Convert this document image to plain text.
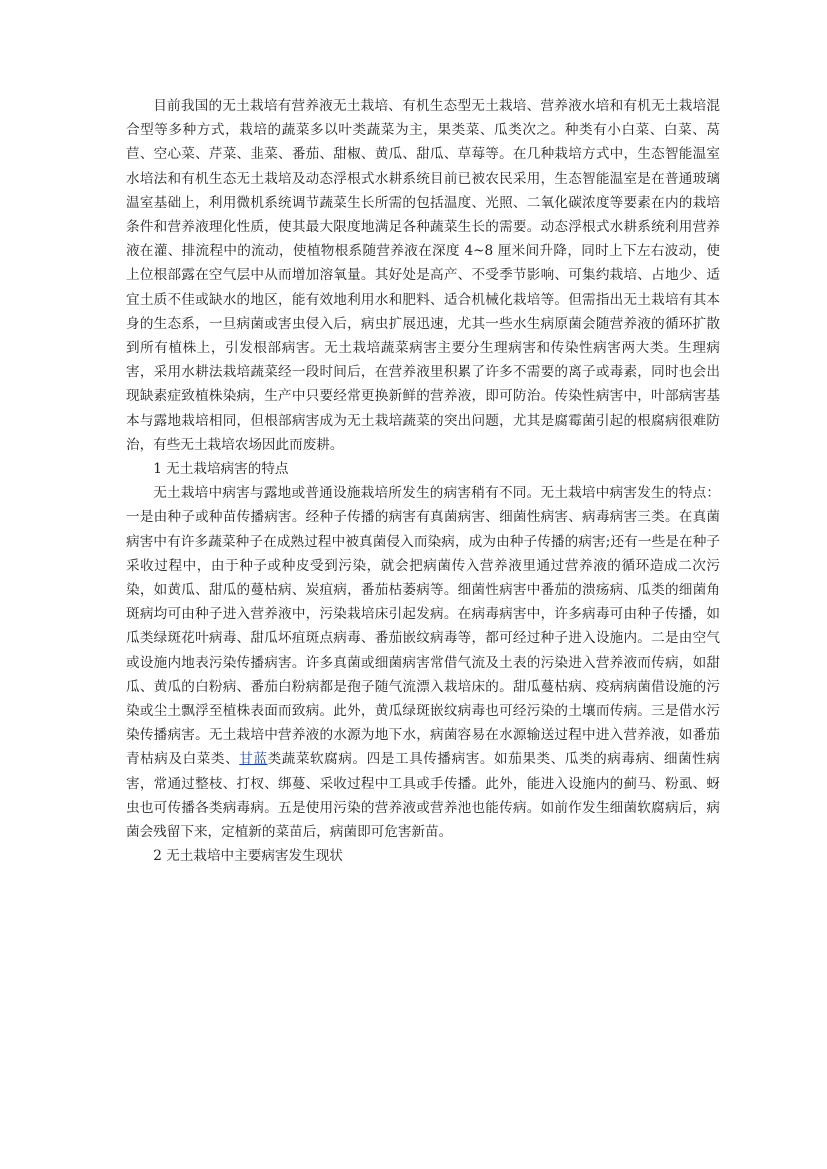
目前我国的无土栽培有营养液无土栽培、有机生态型无土栽培、营养液水培和有机无土栽培混合型等多种方式，栽培的蔬菜多以叶类蔬菜为主，果类菜、瓜类次之。种类有小白菜、白菜、莴苣、空心菜、芹菜、韭菜、番茄、甜椒、黄瓜、甜瓜、草莓等。在几种栽培方式中，生态智能温室水培法和有机生态无土栽培及动态浮根式水耕系统目前已被农民采用，生态智能温室是在普通玻璃温室基础上，利用微机系统调节蔬菜生长所需的包括温度、光照、二氧化碳浓度等要素在内的栽培条件和营养液理化性质，使其最大限度地满足各种蔬菜生长的需要。动态浮根式水耕系统利用营养液在灌、排流程中的流动，使植物根系随营养液在深度 4~8 厘米间升降，同时上下左右波动，使上位根部露在空气层中从而增加溶氧量。其好处是高产、不受季节影响、可集约栽培、占地少、适宜土质不佳或缺水的地区，能有效地利用水和肥料、适合机械化栽培等。但需指出无土栽培有其本身的生态系，一旦病菌或害虫侵入后，病虫扩展迅速，尤其一些水生病原菌会随营养液的循环扩散到所有植株上，引发根部病害。无土栽培蔬菜病害主要分生理病害和传染性病害两大类。生理病害，采用水耕法栽培蔬菜经一段时间后，在营养液里积累了许多不需要的离子或毒素，同时也会出现缺素症致植株染病，生产中只要经常更换新鲜的营养液，即可防治。传染性病害中，叶部病害基本与露地栽培相同，但根部病害成为无土栽培蔬菜的突出问题，尤其是腐霉菌引起的根腐病很难防治，有些无土栽培农场因此而废耕。

1 无土栽培病害的特点

无土栽培中病害与露地或普通设施栽培所发生的病害稍有不同。无土栽培中病害发生的特点：一是由种子或种苗传播病害。经种子传播的病害有真菌病害、细菌性病害、病毒病害三类。在真菌病害中有许多蔬菜种子在成熟过程中被真菌侵入而染病，成为由种子传播的病害;还有一些是在种子采收过程中，由于种子或种皮受到污染，就会把病菌传入营养液里通过营养液的循环造成二次污染，如黄瓜、甜瓜的蔓枯病、炭疽病，番茄枯萎病等。细菌性病害中番茄的溃疡病、瓜类的细菌角斑病均可由种子进入营养液中，污染栽培床引起发病。在病毒病害中，许多病毒可由种子传播，如瓜类绿斑花叶病毒、甜瓜坏疽斑点病毒、番茄嵌纹病毒等，都可经过种子进入设施内。二是由空气或设施内地表污染传播病害。许多真菌或细菌病害常借气流及土表的污染进入营养液而传病，如甜瓜、黄瓜的白粉病、番茄白粉病都是孢子随气流漂入栽培床的。甜瓜蔓枯病、疫病病菌借设施的污染或尘土飘浮至植株表面而致病。此外，黄瓜绿斑嵌纹病毒也可经污染的土壤而传病。三是借水污染传播病害。无土栽培中营养液的水源为地下水，病菌容易在水源输送过程中进入营养液，如番茄青枯病及白菜类、甘蓝类蔬菜软腐病。四是工具传播病害。如茄果类、瓜类的病毒病、细菌性病害，常通过整枝、打杈、绑蔓、采收过程中工具或手传播。此外，能进入设施内的蓟马、粉虱、蚜虫也可传播各类病毒病。五是使用污染的营养液或营养池也能传病。如前作发生细菌软腐病后，病菌会残留下来，定植新的菜苗后，病菌即可危害新苗。

2 无土栽培中主要病害发生现状
